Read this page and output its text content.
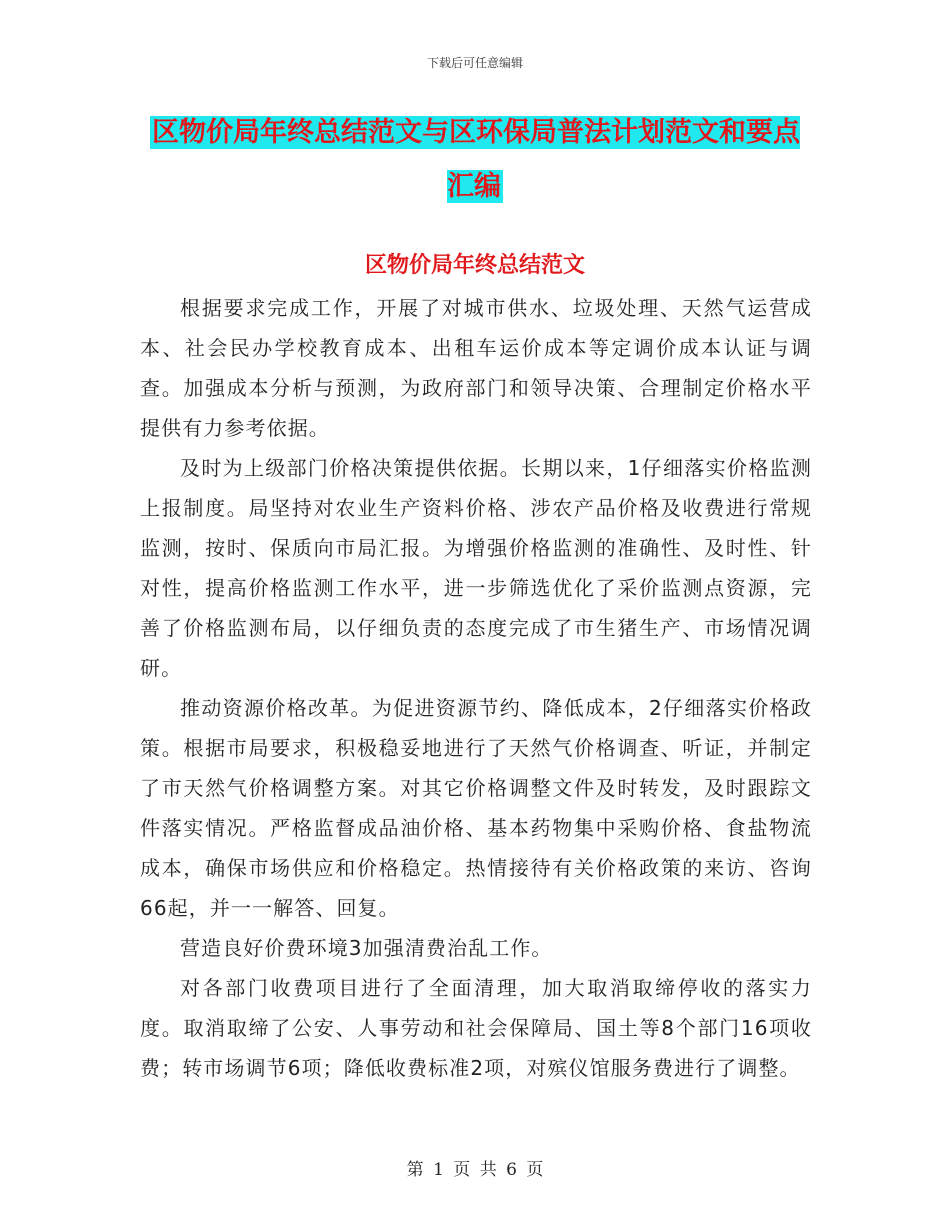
下载后可任意编辑
区物价局年终总结范文与区环保局普法计划范文和要点汇编
区物价局年终总结范文

根据要求完成工作，开展了对城市供水、垃圾处理、天然气运营成本、社会民办学校教育成本、出租车运价成本等定调价成本认证与调查。加强成本分析与预测，为政府部门和领导决策、合理制定价格水平提供有力参考依据。

及时为上级部门价格决策提供依据。长期以来，1仔细落实价格监测上报制度。局坚持对农业生产资料价格、涉农产品价格及收费进行常规监测，按时、保质向市局汇报。为增强价格监测的准确性、及时性、针对性，提高价格监测工作水平，进一步筛选优化了采价监测点资源，完善了价格监测布局，以仔细负责的态度完成了市生猪生产、市场情况调研。

推动资源价格改革。为促进资源节约、降低成本，2仔细落实价格政策。根据市局要求，积极稳妥地进行了天然气价格调查、听证，并制定了市天然气价格调整方案。对其它价格调整文件及时转发，及时跟踪文件落实情况。严格监督成品油价格、基本药物集中采购价格、食盐物流成本，确保市场供应和价格稳定。热情接待有关价格政策的来访、咨询66起，并一一解答、回复。

营造良好价费环境3加强清费治乱工作。

对各部门收费项目进行了全面清理，加大取消取缔停收的落实力度。取消取缔了公安、人事劳动和社会保障局、国土等8个部门16项收费；转市场调节6项；降低收费标准2项，对殡仪馆服务费进行了调整。

第 1 页 共 6 页
